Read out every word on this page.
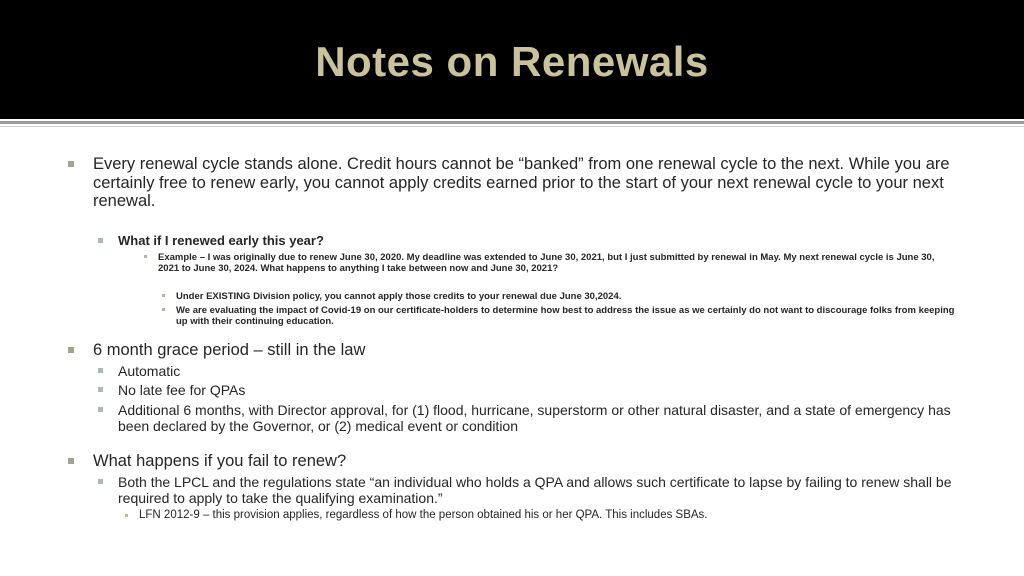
Notes on Renewals
Every renewal cycle stands alone. Credit hours cannot be “banked” from one renewal cycle to the next. While you are certainly free to renew early, you cannot apply credits earned prior to the start of your next renewal cycle to your next renewal.
What if I renewed early this year?
Example – I was originally due to renew June 30, 2020. My deadline was extended to June 30, 2021, but I just submitted by renewal in May. My next renewal cycle is June 30, 2021 to June 30, 2024. What happens to anything I take between now and June 30, 2021?
Under EXISTING Division policy, you cannot apply those credits to your renewal due June 30,2024.
We are evaluating the impact of Covid-19 on our certificate-holders to determine how best to address the issue as we certainly do not want to discourage folks from keeping up with their continuing education.
6 month grace period – still in the law
Automatic
No late fee for QPAs
Additional 6 months, with Director approval, for (1) flood, hurricane, superstorm or other natural disaster, and a state of emergency has been declared by the Governor, or (2) medical event or condition
What happens if you fail to renew?
Both the LPCL and the regulations state “an individual who holds a QPA and allows such certificate to lapse by failing to renew shall be required to apply to take the qualifying examination.”
LFN 2012-9 – this provision applies, regardless of how the person obtained his or her QPA. This includes SBAs.
